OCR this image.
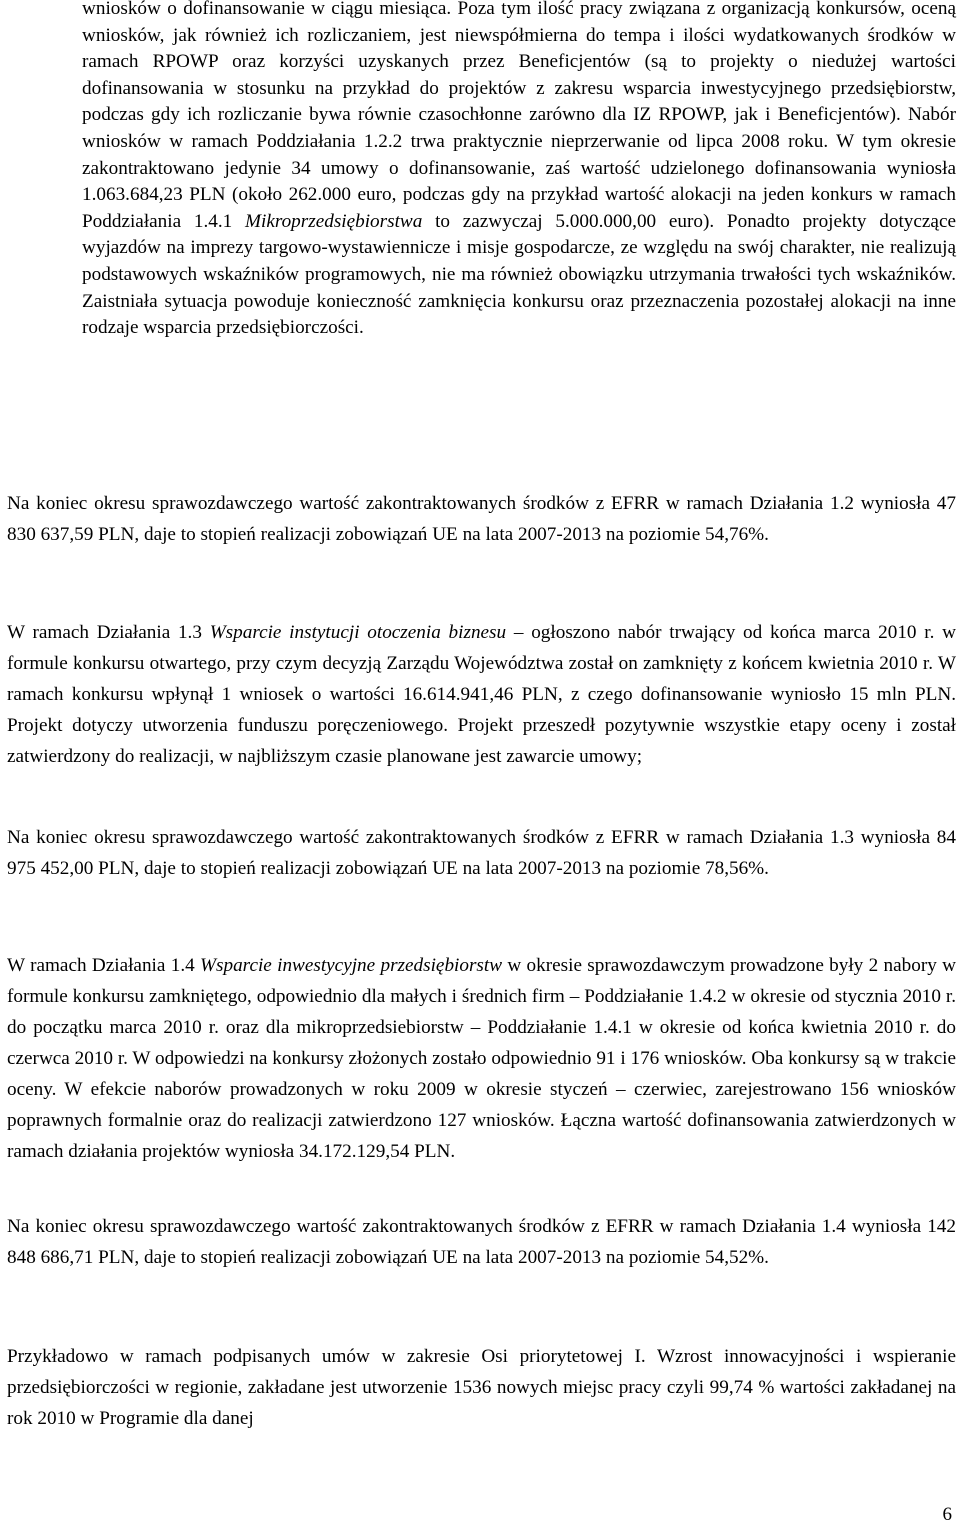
wniosków o dofinansowanie w ciągu miesiąca. Poza tym ilość pracy związana z organizacją konkursów, oceną wniosków, jak również ich rozliczaniem, jest niewspółmierna do tempa i ilości wydatkowanych środków w ramach RPOWP oraz korzyści uzyskanych przez Beneficjentów (są to projekty o niedużej wartości dofinansowania w stosunku na przykład do projektów z zakresu wsparcia inwestycyjnego przedsiębiorstw, podczas gdy ich rozliczanie bywa równie czasochłonne zarówno dla IZ RPOWP, jak i Beneficjentów). Nabór wniosków w ramach Poddziałania 1.2.2 trwa praktycznie nieprzerwanie od lipca 2008 roku. W tym okresie zakontraktowano jedynie 34 umowy o dofinansowanie, zaś wartość udzielonego dofinansowania wyniosła 1.063.684,23 PLN (około 262.000 euro, podczas gdy na przykład wartość alokacji na jeden konkurs w ramach Poddziałania 1.4.1 Mikroprzedsiębiorstwa to zazwyczaj 5.000.000,00 euro). Ponadto projekty dotyczące wyjazdów na imprezy targowo-wystawiennicze i misje gospodarcze, ze względu na swój charakter, nie realizują podstawowych wskaźników programowych, nie ma również obowiązku utrzymania trwałości tych wskaźników. Zaistniała sytuacja powoduje konieczność zamknięcia konkursu oraz przeznaczenia pozostałej alokacji na inne rodzaje wsparcia przedsiębiorczości.

Na koniec okresu sprawozdawczego wartość zakontraktowanych środków z EFRR w ramach Działania 1.2 wyniosła 47 830 637,59 PLN, daje to stopień realizacji zobowiązań UE na lata 2007-2013 na poziomie 54,76%.

W ramach Działania 1.3 Wsparcie instytucji otoczenia biznesu – ogłoszono nabór trwający od końca marca 2010 r. w formule konkursu otwartego, przy czym decyzją Zarządu Województwa został on zamknięty z końcem kwietnia 2010 r. W ramach konkursu wpłynął 1 wniosek o wartości 16.614.941,46 PLN, z czego dofinansowanie wyniosło 15 mln PLN. Projekt dotyczy utworzenia funduszu poręczeniowego. Projekt przeszedł pozytywnie wszystkie etapy oceny i został zatwierdzony do realizacji, w najbliższym czasie planowane jest zawarcie umowy;

Na koniec okresu sprawozdawczego wartość zakontraktowanych środków z EFRR w ramach Działania 1.3 wyniosła 84 975 452,00 PLN, daje to stopień realizacji zobowiązań UE na lata 2007-2013 na poziomie 78,56%.

W ramach Działania 1.4 Wsparcie inwestycyjne przedsiębiorstw w okresie sprawozdawczym prowadzone były 2 nabory w formule konkursu zamkniętego, odpowiednio dla małych i średnich firm – Poddziałanie 1.4.2 w okresie od stycznia 2010 r. do początku marca 2010 r. oraz dla mikroprzedsiebiorstw – Poddziałanie 1.4.1 w okresie od końca kwietnia 2010 r. do czerwca 2010 r. W odpowiedzi na konkursy złożonych zostało odpowiednio 91 i 176 wniosków. Oba konkursy są w trakcie oceny. W efekcie naborów prowadzonych w roku 2009 w okresie styczeń – czerwiec, zarejestrowano 156 wniosków poprawnych formalnie oraz do realizacji zatwierdzono 127 wniosków. Łączna wartość dofinansowania zatwierdzonych w ramach działania projektów wyniosła 34.172.129,54 PLN.

Na koniec okresu sprawozdawczego wartość zakontraktowanych środków z EFRR w ramach Działania 1.4 wyniosła 142 848 686,71 PLN, daje to stopień realizacji zobowiązań UE na lata 2007-2013 na poziomie 54,52%.

Przykładowo w ramach podpisanych umów w zakresie Osi priorytetowej I. Wzrost innowacyjności i wspieranie przedsiębiorczości w regionie, zakładane jest utworzenie 1536 nowych miejsc pracy czyli 99,74 % wartości zakładanej na rok 2010 w Programie dla danej

6
